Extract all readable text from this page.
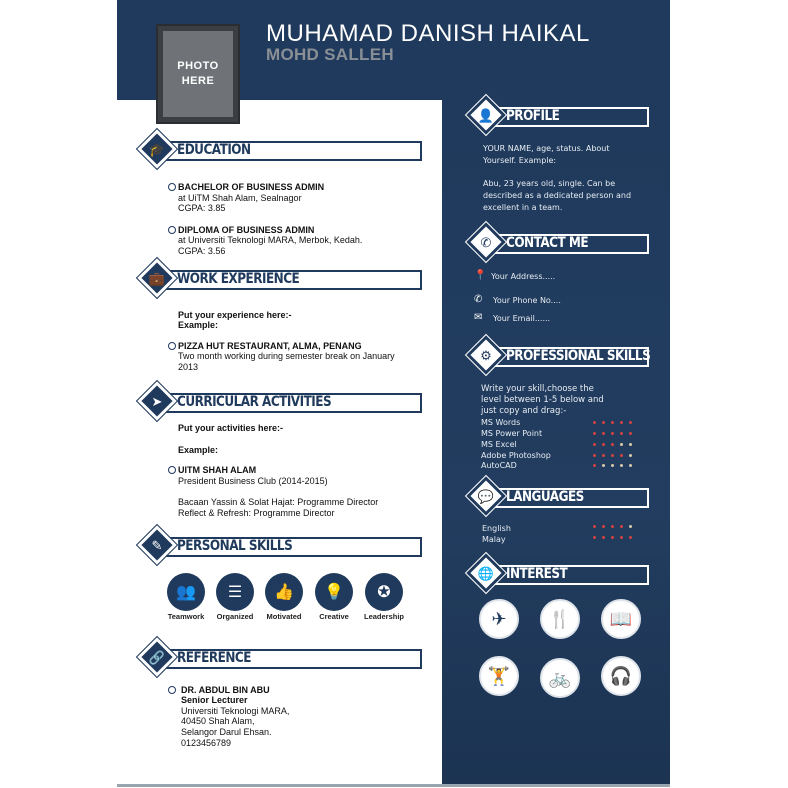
PHOTO HERE
MUHAMAD DANISH HAIKAL
MOHD SALLEH
🎓 EDUCATION
BACHELOR OF BUSINESS ADMIN
at UiTM Shah Alam, Sealnagor
CGPA: 3.85
DIPLOMA OF BUSINESS ADMIN
at Universiti Teknologi MARA, Merbok, Kedah.
CGPA: 3.56
💼 WORK EXPERIENCE
Put your experience here:-
Example:
PIZZA HUT RESTAURANT, ALMA, PENANG
Two month working during semester break on January
2013
➤	CURRICULAR ACTIVITIES
Put your activities here:-
Example:
UITM SHAH ALAM
President Business Club (2014-2015)
Bacaan Yassin & Solat Hajat: Programme Director
Reflect & Refresh: Programme Director
✎	PERSONAL SKILLS
👥
Teamwork
☰
Organized
👍
Motivated
💡
Creative
✪
Leadership
🔗 REFERENCE
DR. ABDUL BIN ABU
Senior Lecturer
Universiti Teknologi MARA,
40450 Shah Alam,
Selangor Darul Ehsan.
0123456789
👤 PROFILE
YOUR NAME, age, status. About Yourself. Example:
Abu, 23 years old, single. Can be described as a dedicated person and excellent in a team.
✆	CONTACT ME
📍 Your Address.....
✆ Your Phone No....
✉ Your Email......
⚙	PROFESSIONAL SKILLS
Write your skill,choose the
level between 1-5 below and
just copy and drag:-
MS Words
MS Power Point
MS Excel
Adobe Photoshop
AutoCAD
💬 LANGUAGES
English
Malay
🌐 INTEREST
✈	🍴	📖
🏋	🚲	🎧
